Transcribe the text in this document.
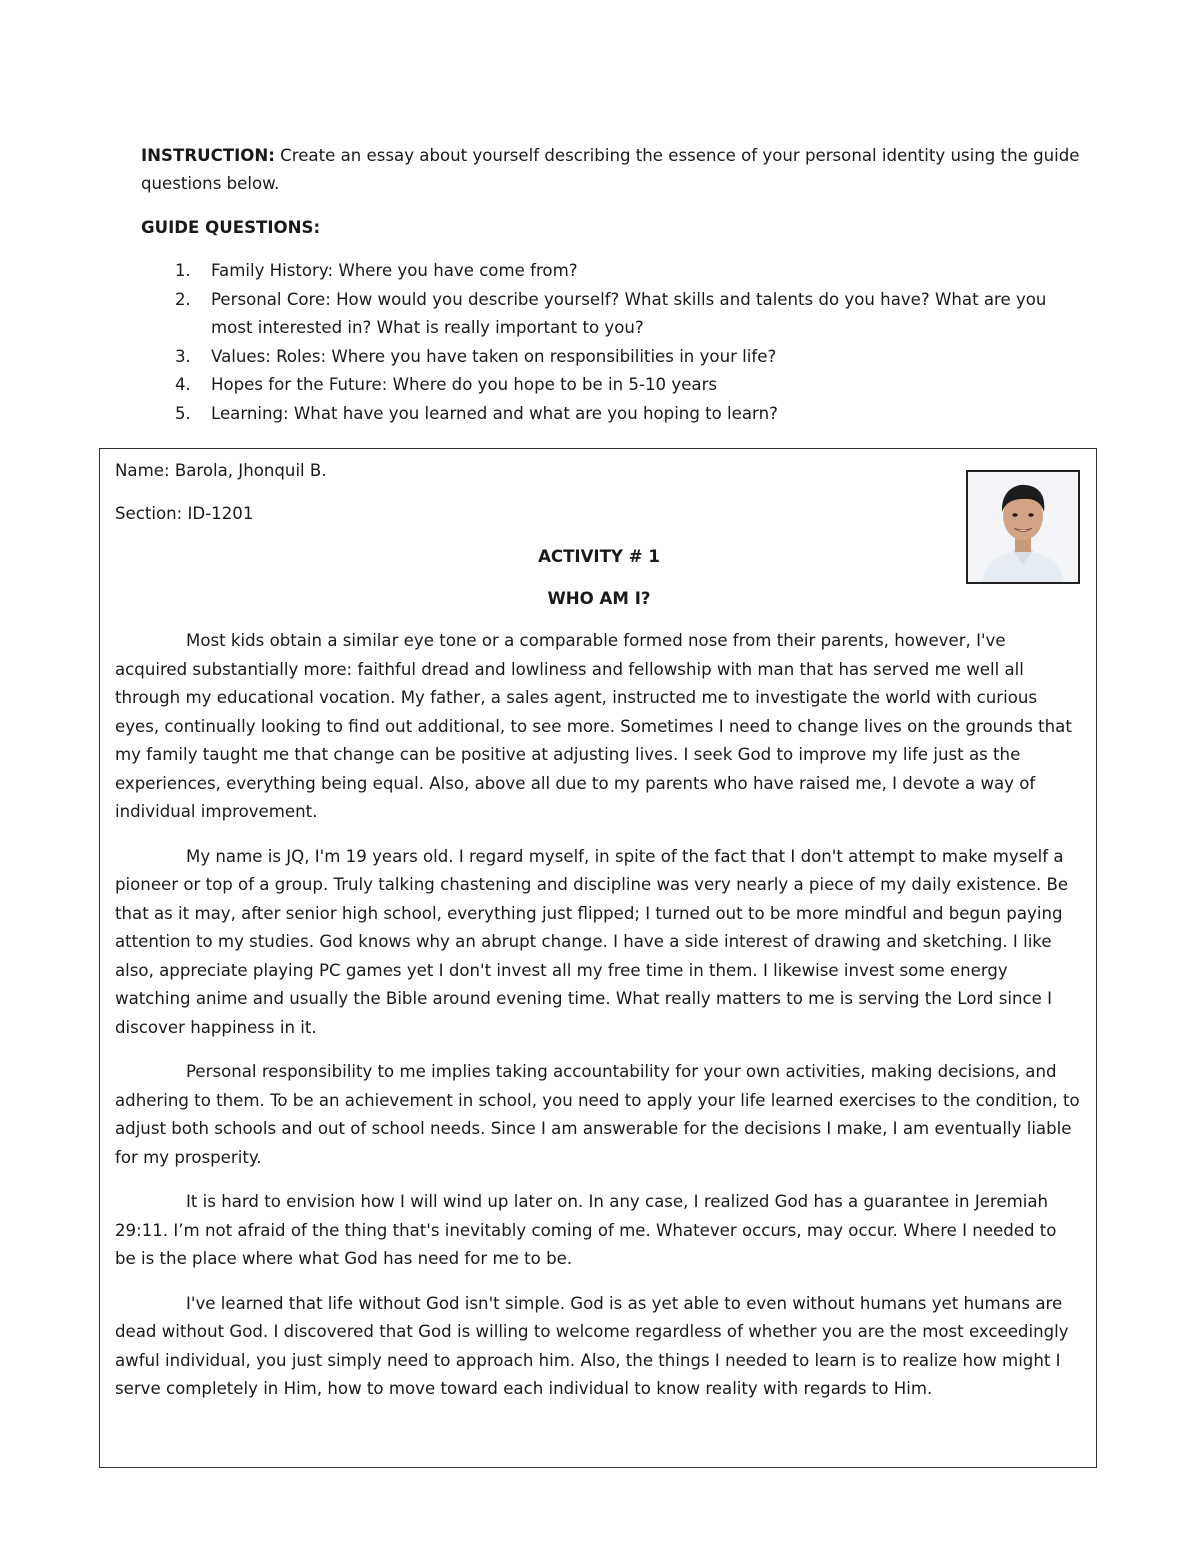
INSTRUCTION: Create an essay about yourself describing the essence of your personal identity using the guide questions below.

GUIDE QUESTIONS:

1.	Family History: Where you have come from?
2.	Personal Core: How would you describe yourself? What skills and talents do you have? What are you most interested in? What is really important to you?
3.	Values: Roles: Where you have taken on responsibilities in your life?
4.	Hopes for the Future: Where do you hope to be in 5-10 years
5.	Learning: What have you learned and what are you hoping to learn?

Name: Barola, Jhonquil B.

Section: ID-1201

ACTIVITY # 1

WHO AM I?

Most kids obtain a similar eye tone or a comparable formed nose from their parents, however, I've acquired substantially more: faithful dread and lowliness and fellowship with man that has served me well all through my educational vocation. My father, a sales agent, instructed me to investigate the world with curious eyes, continually looking to find out additional, to see more. Sometimes I need to change lives on the grounds that my family taught me that change can be positive at adjusting lives. I seek God to improve my life just as the experiences, everything being equal. Also, above all due to my parents who have raised me, I devote a way of individual improvement.

My name is JQ, I'm 19 years old. I regard myself, in spite of the fact that I don't attempt to make myself a pioneer or top of a group. Truly talking chastening and discipline was very nearly a piece of my daily existence. Be that as it may, after senior high school, everything just flipped; I turned out to be more mindful and begun paying attention to my studies. God knows why an abrupt change. I have a side interest of drawing and sketching. I like also, appreciate playing PC games yet I don't invest all my free time in them. I likewise invest some energy watching anime and usually the Bible around evening time. What really matters to me is serving the Lord since I discover happiness in it.

Personal responsibility to me implies taking accountability for your own activities, making decisions, and adhering to them. To be an achievement in school, you need to apply your life learned exercises to the condition, to adjust both schools and out of school needs. Since I am answerable for the decisions I make, I am eventually liable for my prosperity.

It is hard to envision how I will wind up later on. In any case, I realized God has a guarantee in Jeremiah 29:11. I’m not afraid of the thing that's inevitably coming of me. Whatever occurs, may occur. Where I needed to be is the place where what God has need for me to be.

I've learned that life without God isn't simple. God is as yet able to even without humans yet humans are dead without God. I discovered that God is willing to welcome regardless of whether you are the most exceedingly awful individual, you just simply need to approach him. Also, the things I needed to learn is to realize how might I serve completely in Him, how to move toward each individual to know reality with regards to Him.
